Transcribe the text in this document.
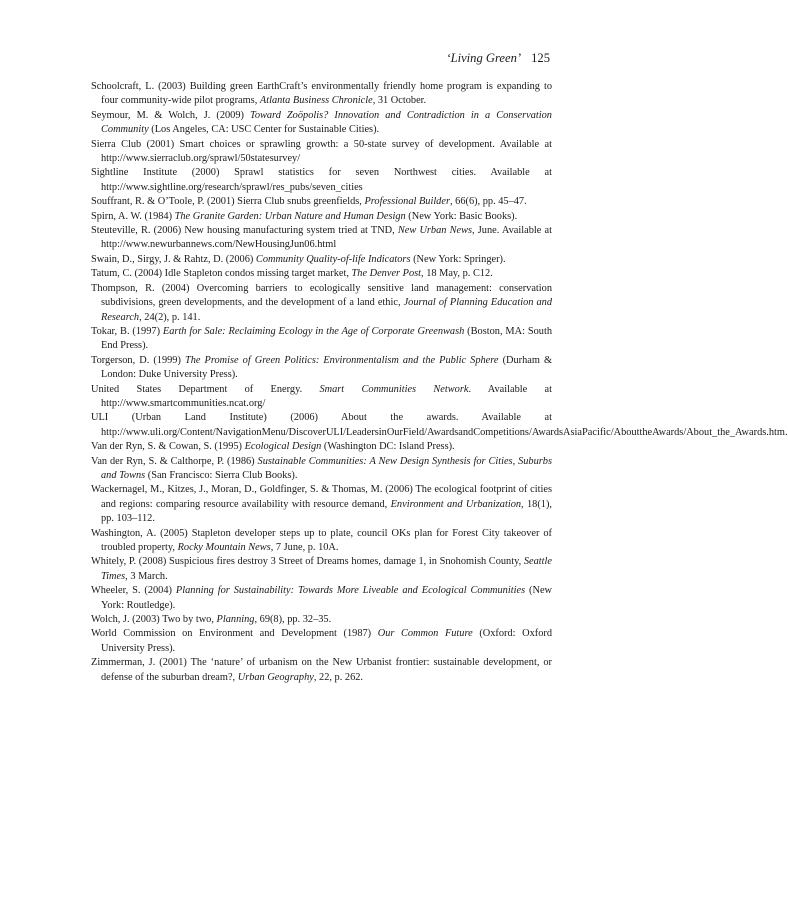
‘Living Green’ 125

Schoolcraft, L. (2003) Building green EarthCraft’s environmentally friendly home program is expanding to four community-wide pilot programs, Atlanta Business Chronicle, 31 October.

Seymour, M. & Wolch, J. (2009) Toward Zoöpolis? Innovation and Contradiction in a Conservation Community (Los Angeles, CA: USC Center for Sustainable Cities).

Sierra Club (2001) Smart choices or sprawling growth: a 50-state survey of development. Available at http://www.sierraclub.org/sprawl/50statesurvey/

Sightline Institute (2000) Sprawl statistics for seven Northwest cities. Available at http://www.sightline.org/research/sprawl/res_pubs/seven_cities

Souffrant, R. & O’Toole, P. (2001) Sierra Club snubs greenfields, Professional Builder, 66(6), pp. 45–47.

Spirn, A. W. (1984) The Granite Garden: Urban Nature and Human Design (New York: Basic Books).

Steuteville, R. (2006) New housing manufacturing system tried at TND, New Urban News, June. Available at http://www.newurbannews.com/NewHousingJun06.html

Swain, D., Sirgy, J. & Rahtz, D. (2006) Community Quality-of-life Indicators (New York: Springer).

Tatum, C. (2004) Idle Stapleton condos missing target market, The Denver Post, 18 May, p. C12.

Thompson, R. (2004) Overcoming barriers to ecologically sensitive land management: conservation subdivisions, green developments, and the development of a land ethic, Journal of Planning Education and Research, 24(2), p. 141.

Tokar, B. (1997) Earth for Sale: Reclaiming Ecology in the Age of Corporate Greenwash (Boston, MA: South End Press).

Torgerson, D. (1999) The Promise of Green Politics: Environmentalism and the Public Sphere (Durham & London: Duke University Press).

United States Department of Energy. Smart Communities Network. Available at http://www.smartcommunities.ncat.org/

ULI (Urban Land Institute) (2006) About the awards. Available at http://www.uli.org/Content/NavigationMenu/DiscoverULI/LeadersinOurField/AwardsandCompetitions/AwardsAsiaPacific/AbouttheAwards/About_the_Awards.htm.

Van der Ryn, S. & Cowan, S. (1995) Ecological Design (Washington DC: Island Press).

Van der Ryn, S. & Calthorpe, P. (1986) Sustainable Communities: A New Design Synthesis for Cities, Suburbs and Towns (San Francisco: Sierra Club Books).

Wackernagel, M., Kitzes, J., Moran, D., Goldfinger, S. & Thomas, M. (2006) The ecological footprint of cities and regions: comparing resource availability with resource demand, Environment and Urbanization, 18(1), pp. 103–112.

Washington, A. (2005) Stapleton developer steps up to plate, council OKs plan for Forest City takeover of troubled property, Rocky Mountain News, 7 June, p. 10A.

Whitely, P. (2008) Suspicious fires destroy 3 Street of Dreams homes, damage 1, in Snohomish County, Seattle Times, 3 March.

Wheeler, S. (2004) Planning for Sustainability: Towards More Liveable and Ecological Communities (New York: Routledge).

Wolch, J. (2003) Two by two, Planning, 69(8), pp. 32–35.

World Commission on Environment and Development (1987) Our Common Future (Oxford: Oxford University Press).

Zimmerman, J. (2001) The ‘nature’ of urbanism on the New Urbanist frontier: sustainable development, or defense of the suburban dream?, Urban Geography, 22, p. 262.
